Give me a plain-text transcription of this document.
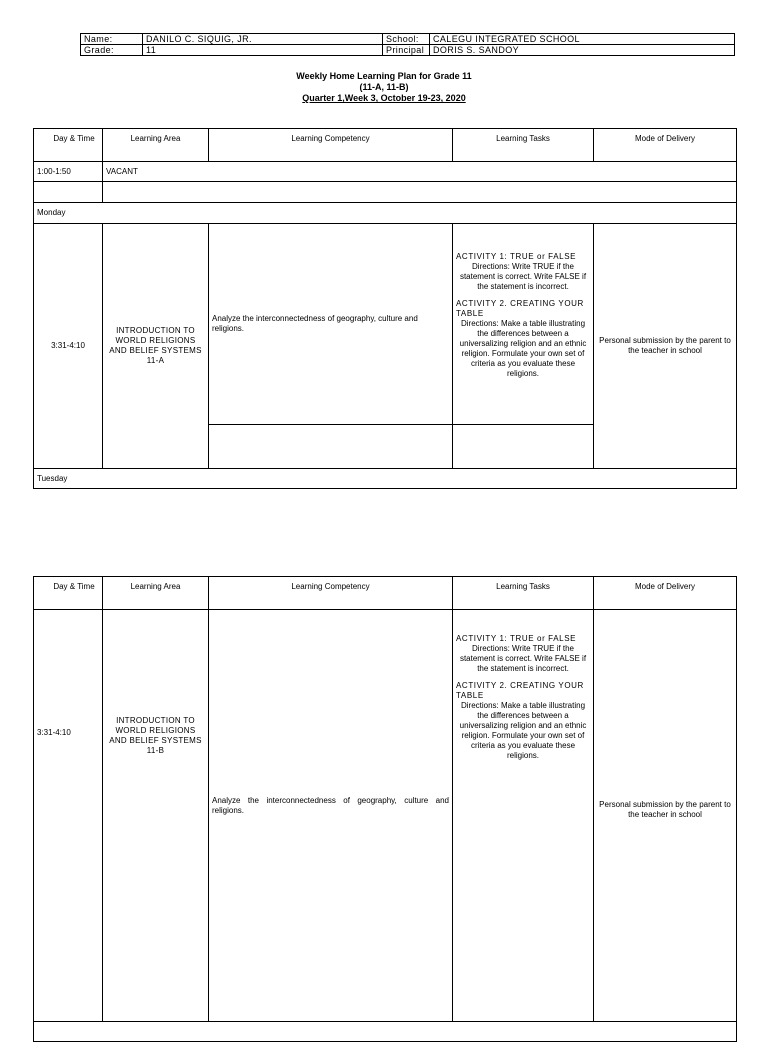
Name:	DANILO C. SIQUIG, JR.	School:	CALEGU INTEGRATED SCHOOL
Grade:	11	Principal	DORIS S. SANDOY
Weekly Home Learning Plan for Grade 11
(11-A, 11-B)
Quarter 1,Week 3, October 19-23, 2020
Day & Time	Learning Area	Learning Competency	Learning Tasks	Mode of Delivery
1:00-1:50	VACANT			

Monday				
3:31-4:10	INTRODUCTION TO WORLD RELIGIONS AND BELIEF SYSTEMS 11-A	Analyze the interconnectedness of geography, culture and religions.	ACTIVITY 1: TRUE or FALSE

Directions: Write TRUE if the statement is correct. Write FALSE if the statement is incorrect.

ACTIVITY 2. CREATING YOUR TABLE

Directions: Make a table illustrating the differences between a universalizing religion and an ethnic religion. Formulate your own set of criteria as you evaluate these religions.	Personal submission by the parent to the teacher in school

Tuesday				
Day & Time	Learning Area	Learning Competency	Learning Tasks	Mode of Delivery
3:31-4:10	INTRODUCTION TO WORLD RELIGIONS AND BELIEF SYSTEMS 11-B	Analyze the interconnectedness of geography, culture and religions.	ACTIVITY 1: TRUE or FALSE

Directions: Write TRUE if the statement is correct. Write FALSE if the statement is incorrect.

ACTIVITY 2. CREATING YOUR TABLE

Directions: Make a table illustrating the differences between a universalizing religion and an ethnic religion. Formulate your own set of criteria as you evaluate these religions.	Personal submission by the parent to the teacher in school
